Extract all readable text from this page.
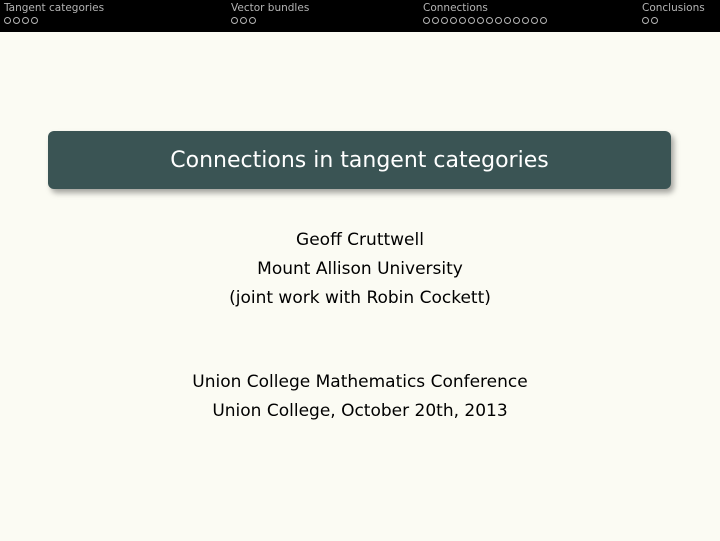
Tangent categories	Vector bundles	Connections	Conclusions
Connections in tangent categories
Geoff Cruttwell
Mount Allison University
(joint work with Robin Cockett)
Union College Mathematics Conference
Union College, October 20th, 2013
